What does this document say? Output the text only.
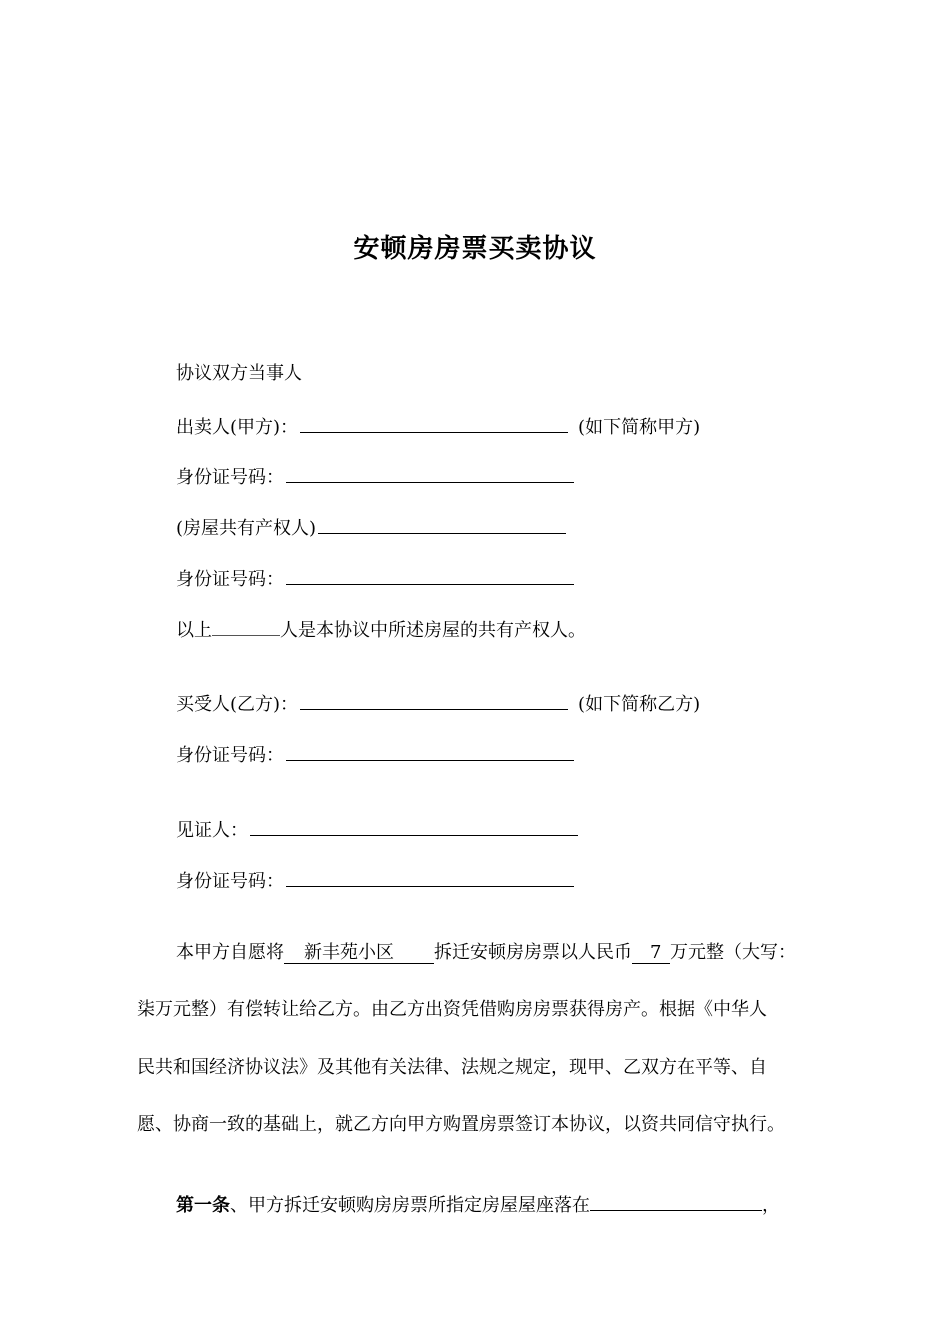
安顿房房票买卖协议
协议双方当事人
出卖人(甲方)：	(如下简称甲方)
身份证号码：
(房屋共有产权人)
身份证号码：
以上	人是本协议中所述房屋的共有产权人。
买受人(乙方)：	(如下简称乙方)
身份证号码：
见证人：
身份证号码：
本甲方自愿将 新丰苑小区 拆迁安顿房房票以人民币 7 万元整（大写：
柒万元整）有偿转让给乙方。由乙方出资凭借购房房票获得房产。根据《中华人
民共和国经济协议法》及其他有关法律、法规之规定，现甲、乙双方在平等、自
愿、协商一致的基础上，就乙方向甲方购置房票签订本协议，以资共同信守执行。
第一条、甲方拆迁安顿购房房票所指定房屋屋座落在	，
